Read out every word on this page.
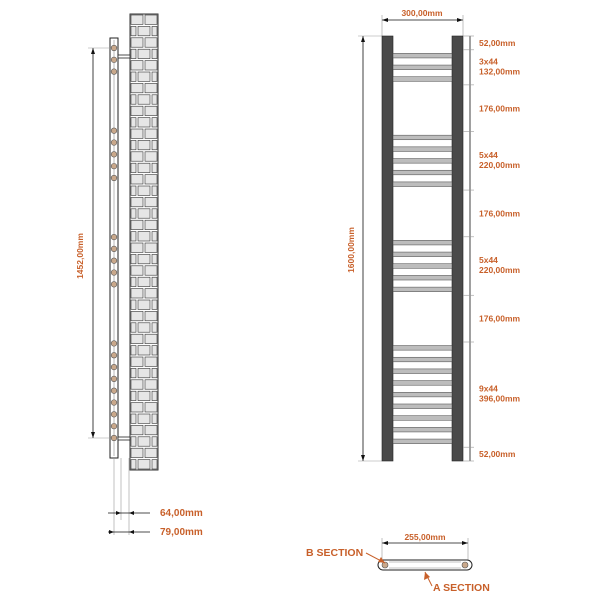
1452,00mm
64,00mm
79,00mm
300,00mm
1600,00mm
52,00mm
3x44
132,00mm
176,00mm
5x44
220,00mm
176,00mm
5x44
220,00mm
176,00mm
9x44
396,00mm
52,00mm
255,00mm
B SECTION
A SECTION
